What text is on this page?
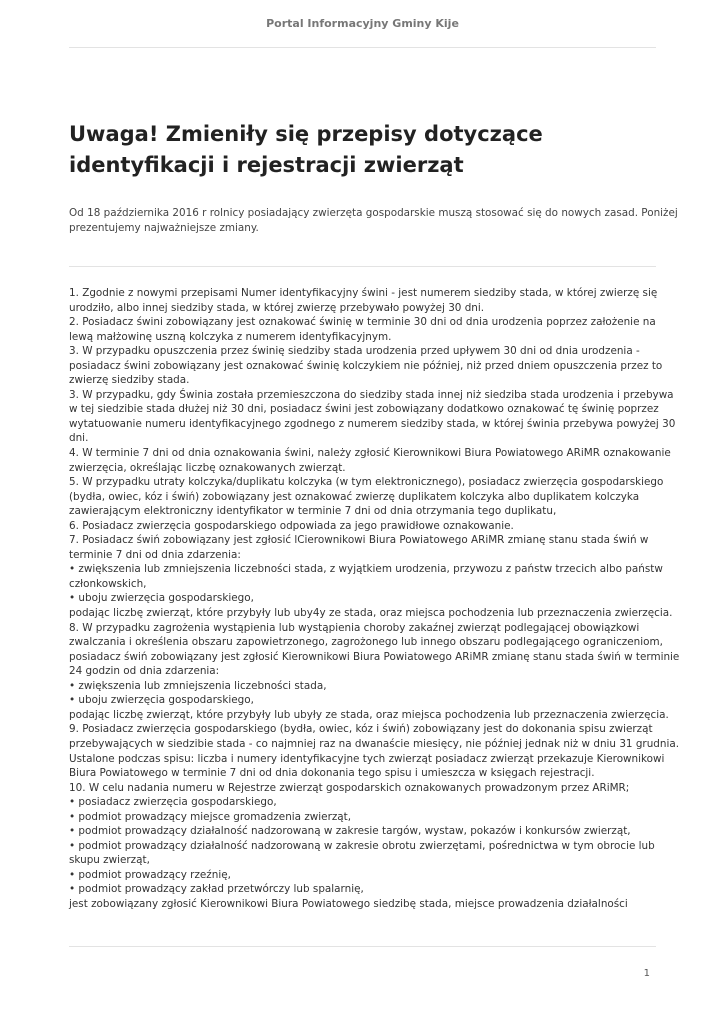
Portal Informacyjny Gminy Kije
Uwaga! Zmieniły się przepisy dotyczące
identyfikacji i rejestracji zwierząt
Od 18 października 2016 r rolnicy posiadający zwierzęta gospodarskie muszą stosować się do nowych zasad. Poniżej
prezentujemy najważniejsze zmiany.
1. Zgodnie z nowymi przepisami Numer identyfikacyjny świni - jest numerem siedziby stada, w której zwierzę się
urodziło, albo innej siedziby stada, w której zwierzę przebywało powyżej 30 dni.
2. Posiadacz świni zobowiązany jest oznakować świnię w terminie 30 dni od dnia urodzenia poprzez założenie na
lewą małżowinę uszną kolczyka z numerem identyfikacyjnym.
3. W przypadku opuszczenia przez świnię siedziby stada urodzenia przed upływem 30 dni od dnia urodzenia -
posiadacz świni zobowiązany jest oznakować świnię kolczykiem nie później, niż przed dniem opuszczenia przez to
zwierzę siedziby stada.
3. W przypadku, gdy Świnia została przemieszczona do siedziby stada innej niż siedziba stada urodzenia i przebywa
w tej siedzibie stada dłużej niż 30 dni, posiadacz świni jest zobowiązany dodatkowo oznakować tę świnię poprzez
wytatuowanie numeru identyfikacyjnego zgodnego z numerem siedziby stada, w której świnia przebywa powyżej 30
dni.
4. W terminie 7 dni od dnia oznakowania świni, należy zgłosić Kierownikowi Biura Powiatowego ARiMR oznakowanie
zwierzęcia, określając liczbę oznakowanych zwierząt.
5. W przypadku utraty kolczyka/duplikatu kolczyka (w tym elektronicznego), posiadacz zwierzęcia gospodarskiego
(bydła, owiec, kóz i świń) zobowiązany jest oznakować zwierzę duplikatem kolczyka albo duplikatem kolczyka
zawierającym elektroniczny identyfikator w terminie 7 dni od dnia otrzymania tego duplikatu,
6. Posiadacz zwierzęcia gospodarskiego odpowiada za jego prawidłowe oznakowanie.
7. Posiadacz świń zobowiązany jest zgłosić lCierownikowi Biura Powiatowego ARiMR zmianę stanu stada świń w
terminie 7 dni od dnia zdarzenia:
• zwiększenia lub zmniejszenia liczebności stada, z wyjątkiem urodzenia, przywozu z państw trzecich albo państw
członkowskich,
• uboju zwierzęcia gospodarskiego,
podając liczbę zwierząt, które przybyły lub uby4y ze stada, oraz miejsca pochodzenia lub przeznaczenia zwierzęcia.
8. W przypadku zagrożenia wystąpienia lub wystąpienia choroby zakaźnej zwierząt podlegającej obowiązkowi
zwalczania i określenia obszaru zapowietrzonego, zagrożonego lub innego obszaru podlegającego ograniczeniom,
posiadacz świń zobowiązany jest zgłosić Kierownikowi Biura Powiatowego ARiMR zmianę stanu stada świń w terminie
24 godzin od dnia zdarzenia:
• zwiększenia lub zmniejszenia liczebności stada,
• uboju zwierzęcia gospodarskiego,
podając liczbę zwierząt, które przybyły lub ubyły ze stada, oraz miejsca pochodzenia lub przeznaczenia zwierzęcia.
9. Posiadacz zwierzęcia gospodarskiego (bydła, owiec, kóz i świń) zobowiązany jest do dokonania spisu zwierząt
przebywających w siedzibie stada - co najmniej raz na dwanaście miesięcy, nie później jednak niż w dniu 31 grudnia.
Ustalone podczas spisu: liczba i numery identyfikacyjne tych zwierząt posiadacz zwierząt przekazuje Kierownikowi
Biura Powiatowego w terminie 7 dni od dnia dokonania tego spisu i umieszcza w księgach rejestracji.
10. W celu nadania numeru w Rejestrze zwierząt gospodarskich oznakowanych prowadzonym przez ARiMR;
• posiadacz zwierzęcia gospodarskiego,
• podmiot prowadzący miejsce gromadzenia zwierząt,
• podmiot prowadzący działalność nadzorowaną w zakresie targów, wystaw, pokazów i konkursów zwierząt,
• podmiot prowadzący działalność nadzorowaną w zakresie obrotu zwierzętami, pośrednictwa w tym obrocie lub
skupu zwierząt,
• podmiot prowadzący rzeźnię,
• podmiot prowadzący zakład przetwórczy lub spalarnię,
jest zobowiązany zgłosić Kierownikowi Biura Powiatowego siedzibę stada, miejsce prowadzenia działalności
1
